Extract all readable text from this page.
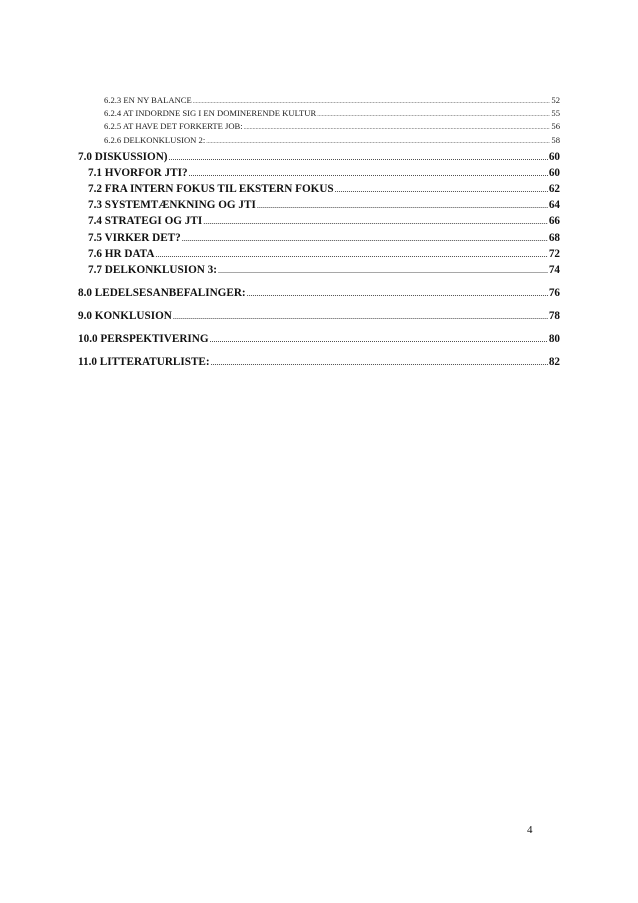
6.2.3 EN NY BALANCE .....	52
6.2.4 AT INDORDNE SIG I EN DOMINERENDE KULTUR .....	55
6.2.5 AT HAVE DET FORKERTE JOB: .....	56
6.2.6 DELKONKLUSION 2: .....	58
7.0 DISKUSSION) .....	60
7.1 HVORFOR JTI? .....	60
7.2 FRA INTERN FOKUS TIL EKSTERN FOKUS .....	62
7.3 SYSTEMTÆNKNING OG JTI .....	64
7.4 STRATEGI OG JTI .....	66
7.5 VIRKER DET? .....	68
7.6 HR DATA .....	72
7.7 DELKONKLUSION 3: .....	74
8.0 LEDELSESANBEFALINGER: .....	76
9.0 KONKLUSION .....	78
10.0 PERSPEKTIVERING .....	80
11.0 LITTERATURLISTE: .....	82
4
